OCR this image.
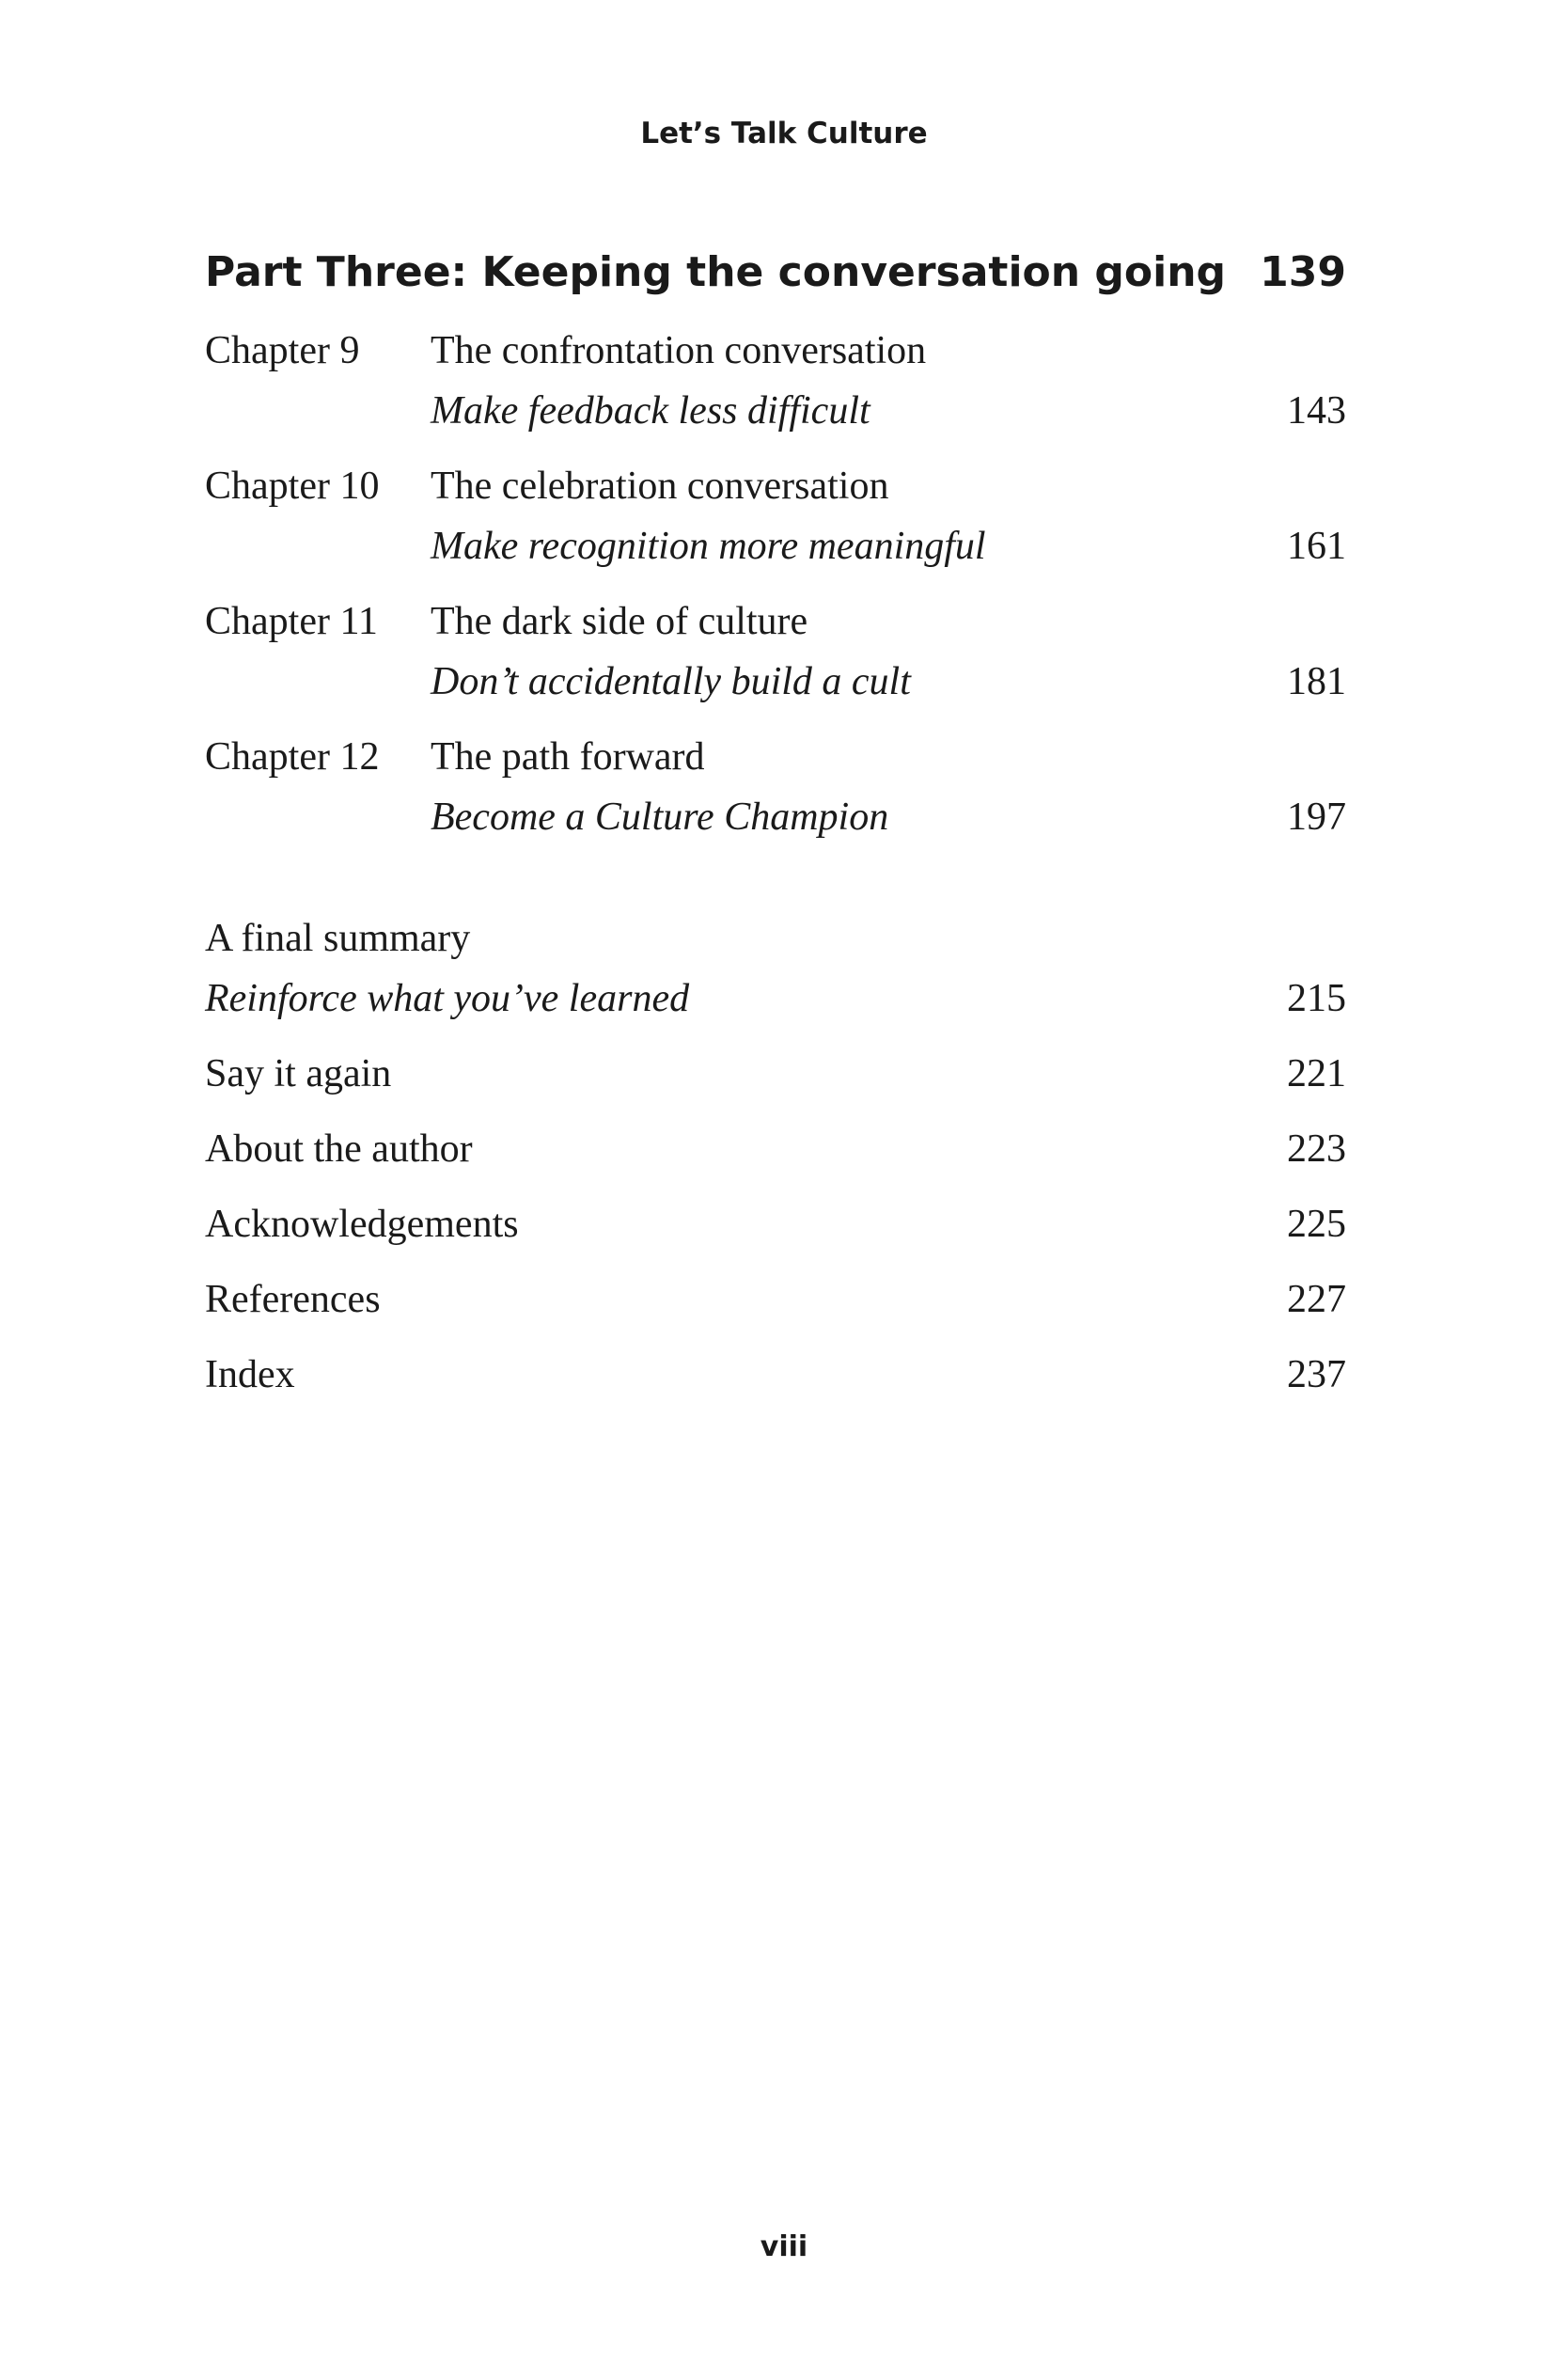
Let’s Talk Culture
Part Three: Keeping the conversation going 139
Chapter 9 The confrontation conversation
Make feedback less difficult	143
Chapter 10 The celebration conversation
Make recognition more meaningful	161
Chapter 11 The dark side of culture
Don’t accidentally build a cult	181
Chapter 12 The path forward
Become a Culture Champion	197
A final summary
Reinforce what you’ve learned	215
Say it again	221
About the author	223
Acknowledgements	225
References	227
Index	237
viii
